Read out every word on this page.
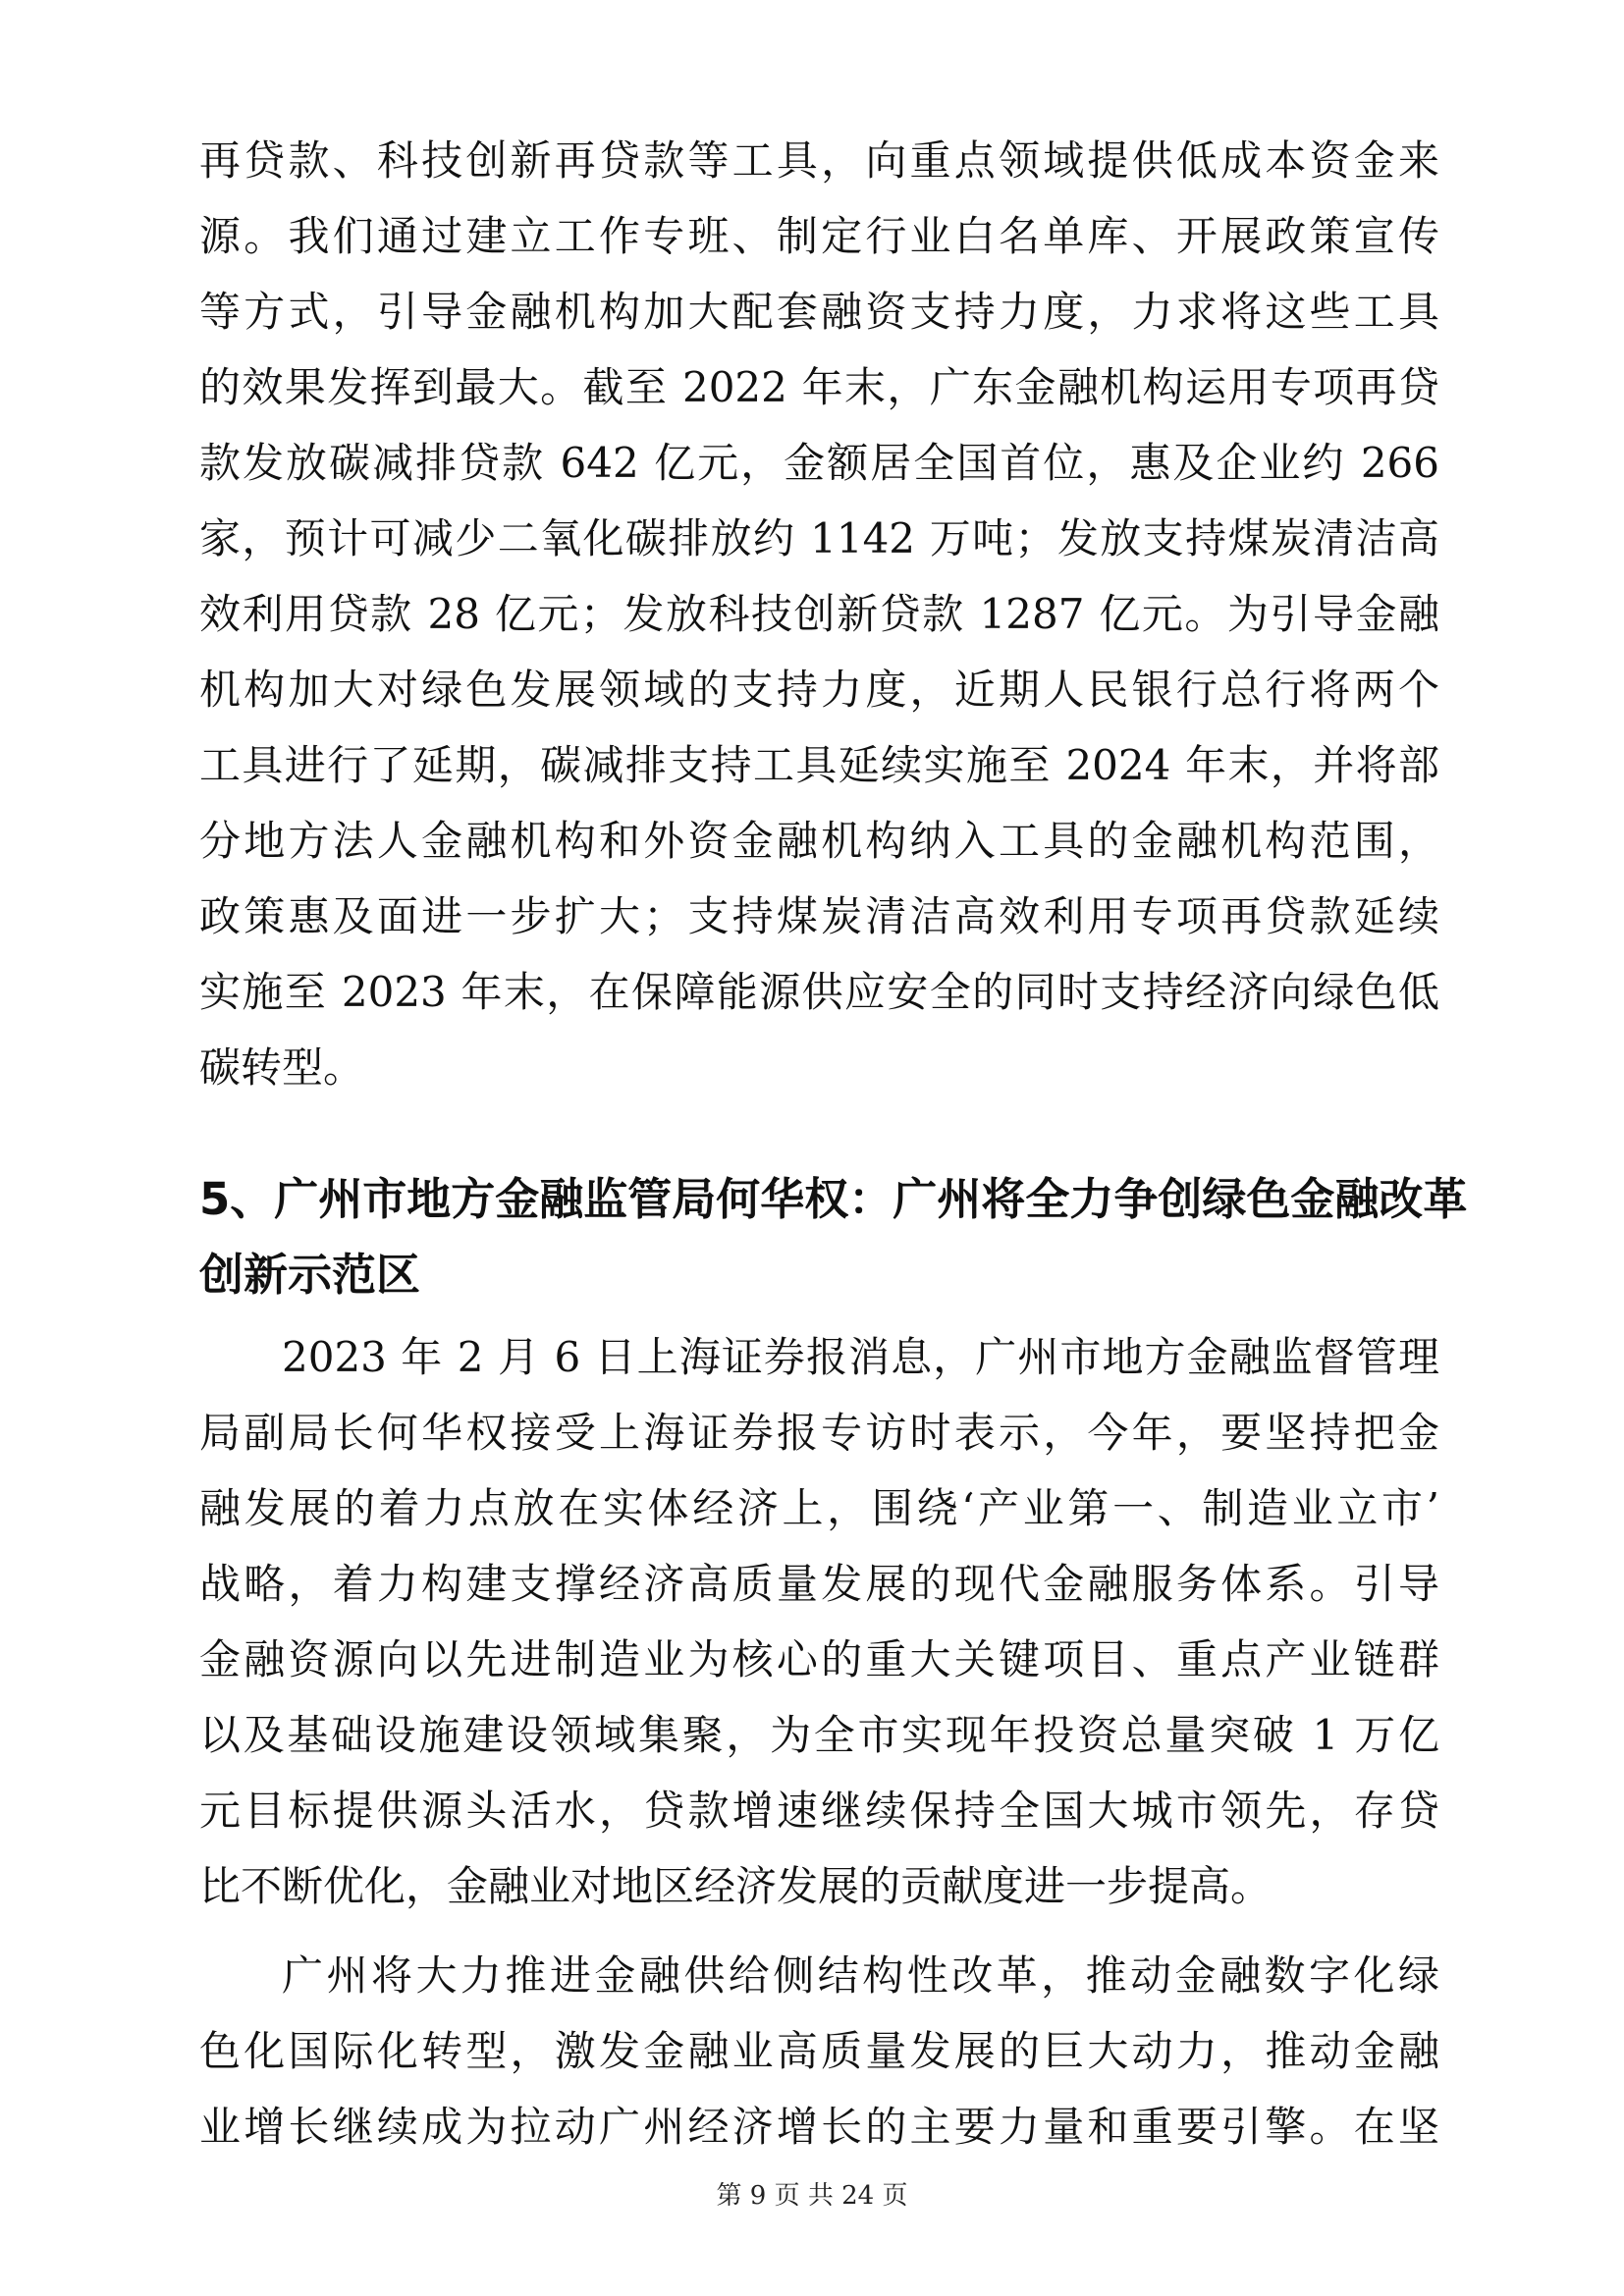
再贷款、科技创新再贷款等工具，向重点领域提供低成本资金来
源。我们通过建立工作专班、制定行业白名单库、开展政策宣传
等方式，引导金融机构加大配套融资支持力度，力求将这些工具
的效果发挥到最大。截至 2022 年末，广东金融机构运用专项再贷
款发放碳减排贷款 642 亿元，金额居全国首位，惠及企业约 266
家，预计可减少二氧化碳排放约 1142 万吨；发放支持煤炭清洁高
效利用贷款 28 亿元；发放科技创新贷款 1287 亿元。为引导金融
机构加大对绿色发展领域的支持力度，近期人民银行总行将两个
工具进行了延期，碳减排支持工具延续实施至 2024 年末，并将部
分地方法人金融机构和外资金融机构纳入工具的金融机构范围，
政策惠及面进一步扩大；支持煤炭清洁高效利用专项再贷款延续
实施至 2023 年末，在保障能源供应安全的同时支持经济向绿色低
碳转型。
5、广州市地方金融监管局何华权：广州将全力争创绿色金融改革
创新示范区
2023 年 2 月 6 日上海证券报消息，广州市地方金融监督管理
局副局长何华权接受上海证券报专访时表示，今年，要坚持把金
融发展的着力点放在实体经济上，围绕‘产业第一、制造业立市’
战略，着力构建支撑经济高质量发展的现代金融服务体系。引导
金融资源向以先进制造业为核心的重大关键项目、重点产业链群
以及基础设施建设领域集聚，为全市实现年投资总量突破 1 万亿
元目标提供源头活水，贷款增速继续保持全国大城市领先，存贷
比不断优化，金融业对地区经济发展的贡献度进一步提高。
广州将大力推进金融供给侧结构性改革，推动金融数字化绿
色化国际化转型，激发金融业高质量发展的巨大动力，推动金融
业增长继续成为拉动广州经济增长的主要力量和重要引擎。在坚
第 9 页 共 24 页
